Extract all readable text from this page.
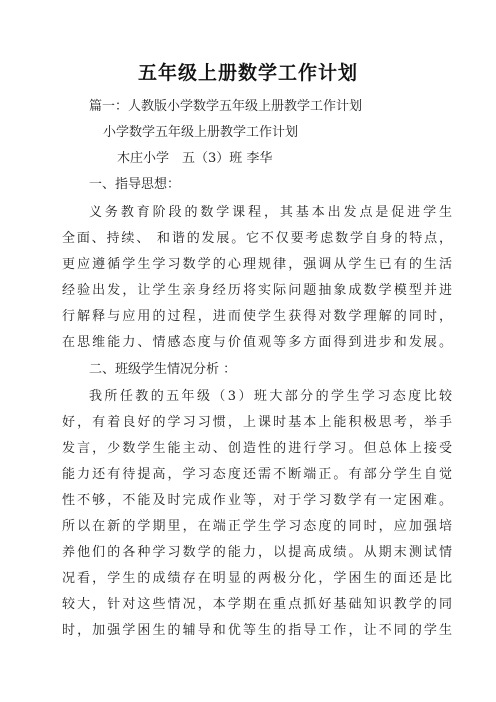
五年级上册数学工作计划
篇一：人教版小学数学五年级上册教学工作计划
小学数学五年级上册教学工作计划
木庄小学　五（3）班 李华
一、指导思想：
义务教育阶段的数学课程，其基本出发点是促进学生
全面、持续、 和谐的发展。它不仅要考虑数学自身的特点，
更应遵循学生学习数学的心理规律，强调从学生已有的生活
经验出发，让学生亲身经历将实际问题抽象成数学模型并进
行解释与应用的过程，进而使学生获得对数学理解的同时，
在思维能力、情感态度与价值观等多方面得到进步和发展。
二、班级学生情况分析 ：
我所任教的五年级（3）班大部分的学生学习态度比较
好，有着良好的学习习惯，上课时基本上能积极思考，举手
发言，少数学生能主动、创造性的进行学习。但总体上接受
能力还有待提高，学习态度还需不断端正。有部分学生自觉
性不够，不能及时完成作业等，对于学习数学有一定困难。
所以在新的学期里，在端正学生学习态度的同时，应加强培
养他们的各种学习数学的能力，以提高成绩。从期末测试情
况看，学生的成绩存在明显的两极分化，学困生的面还是比
较大，针对这些情况，本学期在重点抓好基础知识教学的同
时，加强学困生的辅导和优等生的指导工作，让不同的学生
